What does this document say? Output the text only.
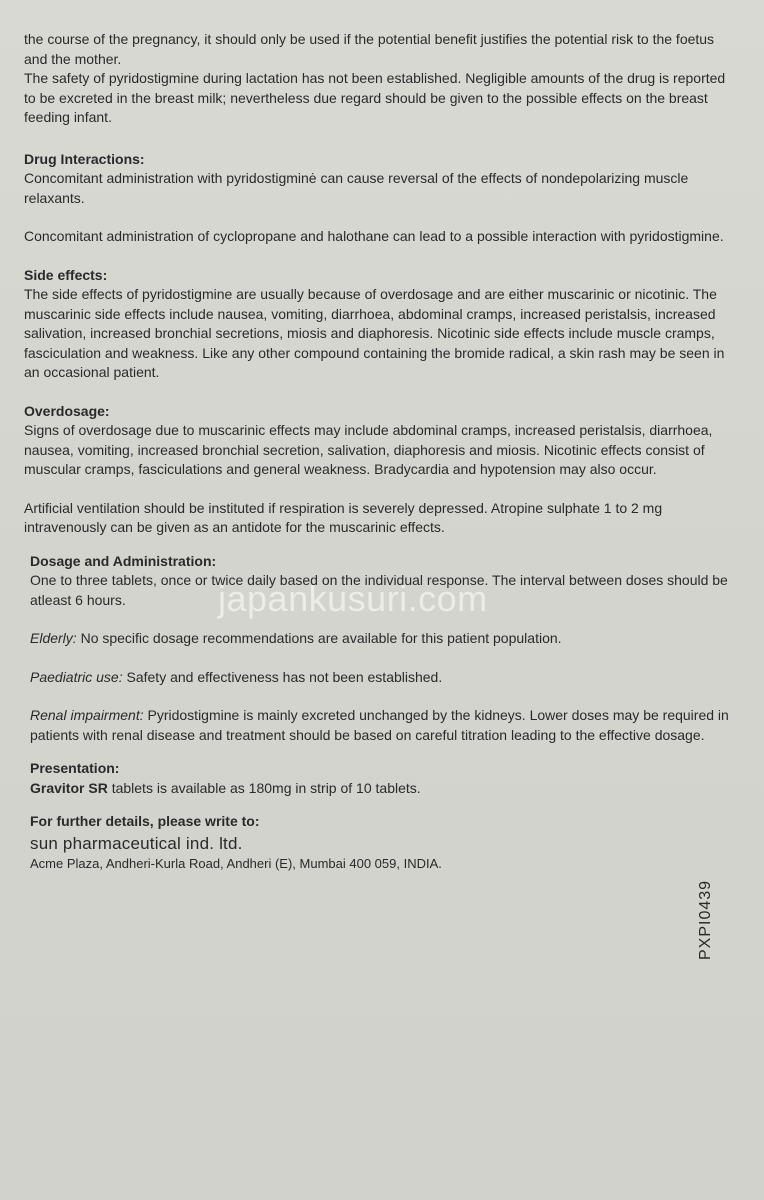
the course of the pregnancy, it should only be used if the potential benefit justifies the potential risk to the foetus and the mother.

The safety of pyridostigmine during lactation has not been established. Negligible amounts of the drug is reported to be excreted in the breast milk; nevertheless due regard should be given to the possible effects on the breast feeding infant.

Drug Interactions:

Concomitant administration with pyridostigminė can cause reversal of the effects of nondepolarizing muscle relaxants.

Concomitant administration of cyclopropane and halothane can lead to a possible interaction with pyridostigmine.

Side effects:

The side effects of pyridostigmine are usually because of overdosage and are either muscarinic or nicotinic. The muscarinic side effects include nausea, vomiting, diarrhoea, abdominal cramps, increased peristalsis, increased salivation, increased bronchial secretions, miosis and diaphoresis. Nicotinic side effects include muscle cramps, fasciculation and weakness. Like any other compound containing the bromide radical, a skin rash may be seen in an occasional patient.

Overdosage:

Signs of overdosage due to muscarinic effects may include abdominal cramps, increased peristalsis, diarrhoea, nausea, vomiting, increased bronchial secretion, salivation, diaphoresis and miosis. Nicotinic effects consist of muscular cramps, fasciculations and general weakness. Bradycardia and hypotension may also occur.

Artificial ventilation should be instituted if respiration is severely depressed. Atropine sulphate 1 to 2 mg intravenously can be given as an antidote for the muscarinic effects.

Dosage and Administration:

One to three tablets, once or twice daily based on the individual response. The interval between doses should be atleast 6 hours.

Elderly: No specific dosage recommendations are available for this patient population.

Paediatric use: Safety and effectiveness has not been established.

Renal impairment: Pyridostigmine is mainly excreted unchanged by the kidneys. Lower doses may be required in patients with renal disease and treatment should be based on careful titration leading to the effective dosage.

Presentation:

Gravitor SR tablets is available as 180mg in strip of 10 tablets.

For further details, please write to:

sun pharmaceutical ind. ltd.

Acme Plaza, Andheri-Kurla Road, Andheri (E), Mumbai 400 059, INDIA.

PXPI0439
japankusuri.com
